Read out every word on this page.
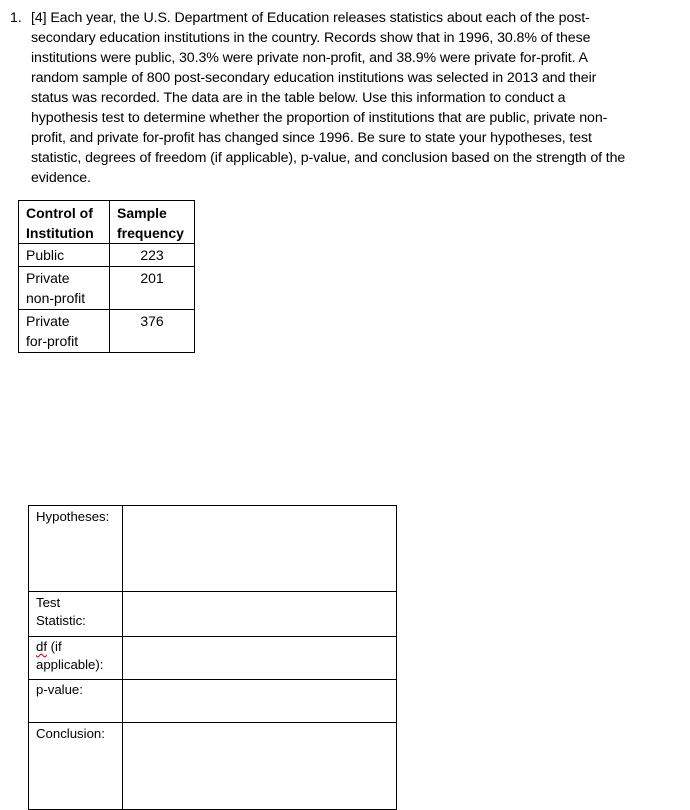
1. [4] Each year, the U.S. Department of Education releases statistics about each of the post-
secondary education institutions in the country. Records show that in 1996, 30.8% of these
institutions were public, 30.3% were private non-profit, and 38.9% were private for-profit. A
random sample of 800 post-secondary education institutions was selected in 2013 and their
status was recorded. The data are in the table below. Use this information to conduct a
hypothesis test to determine whether the proportion of institutions that are public, private non-
profit, and private for-profit has changed since 1996. Be sure to state your hypotheses, test
statistic, degrees of freedom (if applicable), p-value, and conclusion based on the strength of the
evidence.
Control of
Institution	Sample
frequency
Public	223
Private
non-profit	201
Private
for-profit	376
Hypotheses:	
Test
Statistic:	
df (if
applicable):	
p-value:	
Conclusion:	
